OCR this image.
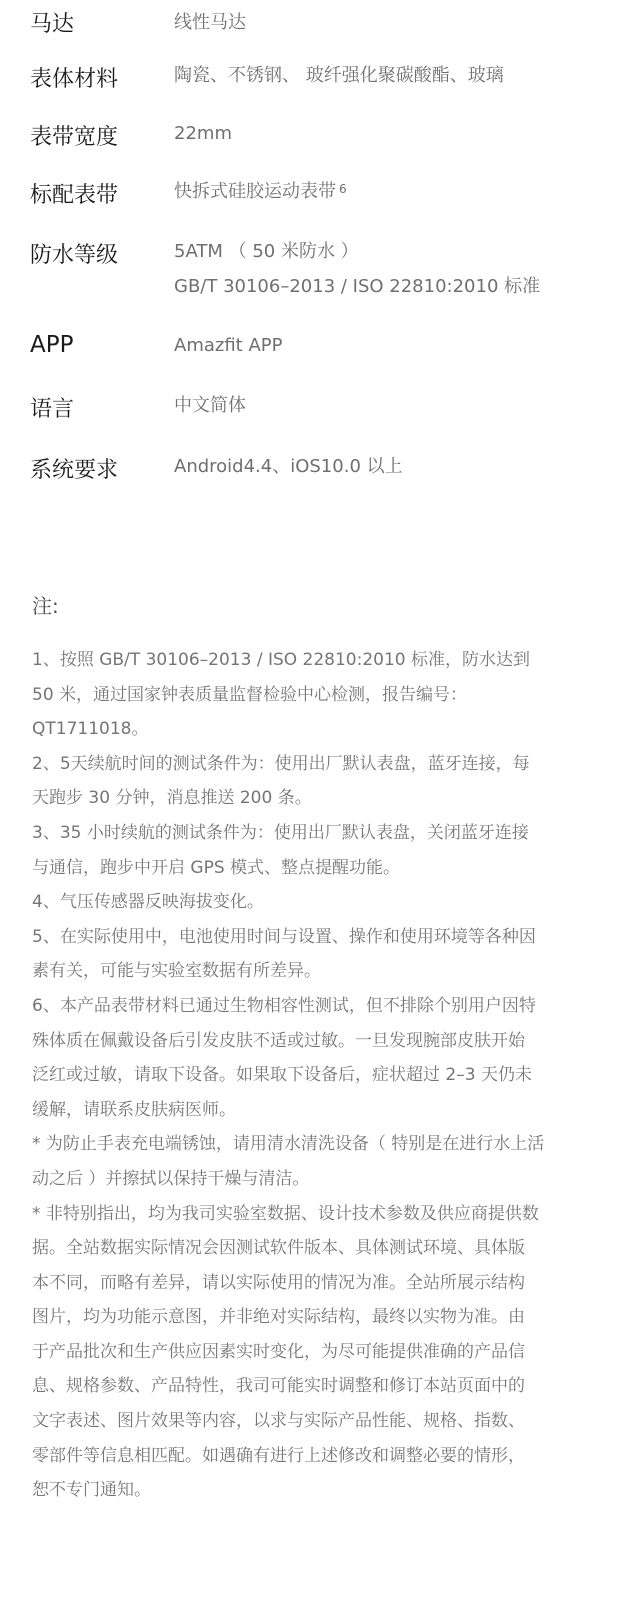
马达	线性马达
表体材料	陶瓷、不锈钢、 玻纤强化聚碳酸酯、玻璃
表带宽度	22mm
标配表带	快拆式硅胶运动表带 $^6$
防水等级	5ATM （ 50 米防水 ）
GB/T 30106–2013 / ISO 22810:2010 标准
APP	Amazfit APP
语言	中文简体
系统要求	Android4.4、iOS10.0 以上
注:
1、按照 GB/T 30106–2013 / ISO 22810:2010 标准，防水达到
50 米，通过国家钟表质量监督检验中心检测，报告编号：
QT1711018。
2、5天续航时间的测试条件为：使用出厂默认表盘，蓝牙连接，每
天跑步 30 分钟，消息推送 200 条。
3、35 小时续航的测试条件为：使用出厂默认表盘，关闭蓝牙连接
与通信，跑步中开启 GPS 模式、整点提醒功能。
4、气压传感器反映海拔变化。
5、在实际使用中，电池使用时间与设置、操作和使用环境等各种因
素有关，可能与实验室数据有所差异。
6、本产品表带材料已通过生物相容性测试，但不排除个别用户因特
殊体质在佩戴设备后引发皮肤不适或过敏。一旦发现腕部皮肤开始
泛红或过敏，请取下设备。如果取下设备后，症状超过 2–3 天仍未
缓解，请联系皮肤病医师。
* 为防止手表充电端锈蚀，请用清水清洗设备（ 特别是在进行水上活
动之后 ）并擦拭以保持干燥与清洁。
* 非特别指出，均为我司实验室数据、设计技术参数及供应商提供数
据。全站数据实际情况会因测试软件版本、具体测试环境、具体版
本不同，而略有差异，请以实际使用的情况为准。全站所展示结构
图片，均为功能示意图，并非绝对实际结构，最终以实物为准。由
于产品批次和生产供应因素实时变化，为尽可能提供准确的产品信
息、规格参数、产品特性，我司可能实时调整和修订本站页面中的
文字表述、图片效果等内容，以求与实际产品性能、规格、指数、
零部件等信息相匹配。如遇确有进行上述修改和调整必要的情形，
恕不专门通知。
